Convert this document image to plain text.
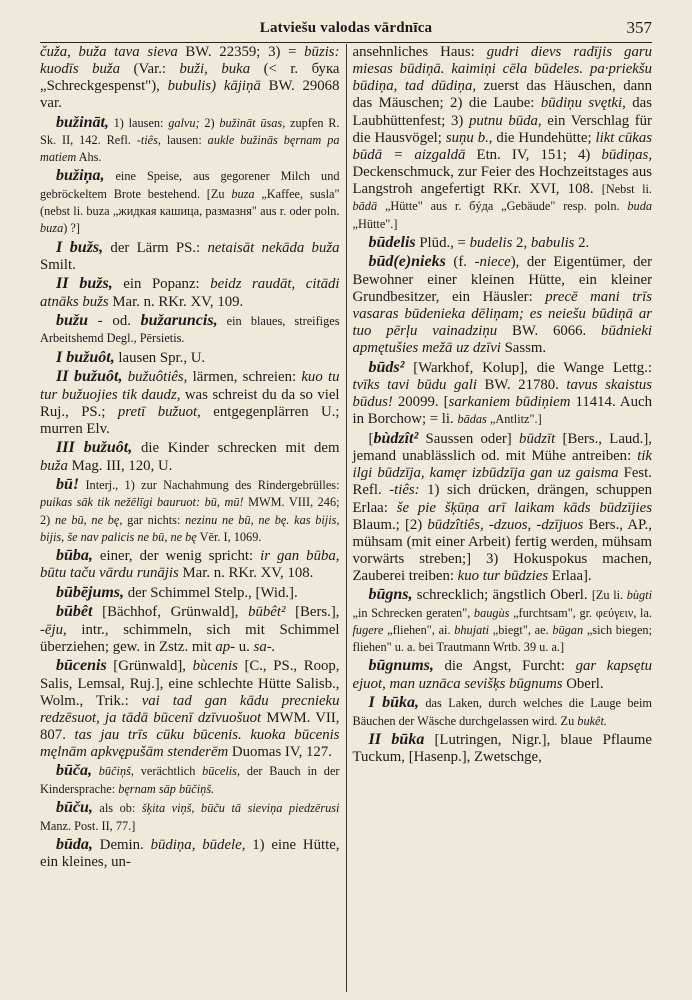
Latviešu valodas vārdnīca	357

čuža, buža tava sieva BW. 22359; 3) = būzis: kuodīs buža (Var.: buži, buka (< r. бука „Schreckgespenst"), bubulis) kājiņā BW. 29068 var.

bužināt, 1) lausen: galvu; 2) bužināt ūsas, zupfen R. Sk. II, 142. Refl. -tiês, lausen: aukle bužinās bęrnam pa matiem Ahs.

bužiņa, eine Speise, aus gegorener Milch und gebröckeltem Brote bestehend. [Zu buza „Kaffee, susla" (nebst li. buza „жидкая кашица, размазня" aus r. oder poln. buza) ?]

I bužs, der Lärm PS.: netaisāt nekāda buža Smilt.

II bužs, ein Popanz: beidz raudāt, citādi atnāks bužs Mar. n. RKr. XV, 109.

bužu - od. bužaruncis, ein blaues, streifiges Arbeitshemd Degl., Pērsietis.

I bužuôt, lausen Spr., U.

II bužuôt, bužuôtiês, lärmen, schreien: kuo tu tur bužuojies tik daudz, was schreist du da so viel Ruj., PS.; pretī bužuot, entgegenplärren U.; murren Elv.

III bužuôt, die Kinder schrecken mit dem buža Mag. III, 120, U.

bū! Interj., 1) zur Nachahmung des Rindergebrülles: puikas sāk tik nežēlīgi bauruot: bū, mū! MWM. VIII, 246; 2) ne bū, ne bę, gar nichts: nezinu ne bū, ne bę. kas bijis, bijis, še nav palicis ne bū, ne bę Vēr. I, 1069.

būba, einer, der wenig spricht: ir gan būba, būtu taču vārdu runājis Mar. n. RKr. XV, 108.

būbējums, der Schimmel Stelp., [Wid.].

būbêt [Bächhof, Grünwald], būbêt² [Bers.], -ēju, intr., schimmeln, sich mit Schimmel überziehen; gew. in Zstz. mit ap- u. sa-.

būcenis [Grünwald], bùcenis [C., PS., Roop, Salis, Lemsal, Ruj.], eine schlechte Hütte Salisb., Wolm., Trik.: vai tad gan kādu precnieku redzēsuot, ja tādā būcenī dzīvuošuot MWM. VII, 807. tas jau trīs cūku būcenis. kuoka būcenis męlnām apkvępušām stenderēm Duomas IV, 127.

būča, būčiņš, verächtlich būcelis, der Bauch in der Kindersprache: bęrnam sāp būčiņš.

būču, als ob: šķita viņš, būču tā sieviņa piedzērusi Manz. Post. II, 77.]

būda, Demin. būdiņa, būdele, 1) eine Hütte, ein kleines, un-

ansehnliches Haus: gudri dievs radījis garu miesas būdiņā. kaimiņi cēla būdeles. pa·priekšu būdiņa, tad dūdiņa, zuerst das Häuschen, dann das Mäuschen; 2) die Laube: būdiņu svętki, das Laubhüttenfest; 3) putnu būda, ein Verschlag für die Hausvögel; suņu b., die Hundehütte; likt cūkas būdā = aizgaldā Etn. IV, 151; 4) būdiņas, Deckenschmuck, zur Feier des Hochzeitstages aus Langstroh angefertigt RKr. XVI, 108. [Nebst li. bādā „Hütte" aus r. бýда „Gebäude" resp. poln. buda „Hütte".]

būdelis Plūd., = budelis 2, babulis 2.

būd(e)nieks (f. -niece), der Eigentümer, der Bewohner einer kleinen Hütte, ein kleiner Grundbesitzer, ein Häusler: precē mani trīs vasaras būdenieka dēliņam; es neiešu būdiņā ar tuo pērļu vainadziņu BW. 6066. būdnieki apmętušies mežā uz dzīvi Sassm.

būds² [Warkhof, Kolup], die Wange Lettg.: tvīks tavi būdu gali BW. 21780. tavus skaistus būdus! 20099. [sarkaniem būdiņiem 11414. Auch in Borchow; = li. bādas „Antlitz".]

[bùdzît² Saussen oder] būdzīt [Bers., Laud.], jemand unablässlich od. mit Mühe antreiben: tik ilgi būdzīja, kamęr izbūdzīja gan uz gaisma Fest. Refl. -tiês: 1) sich drücken, drängen, schuppen Erlaa: še pie šķūņa arī laikam kāds būdzījies Blaum.; [2) būdzîtiês, -dzuos, -dzījuos Bers., AP., mühsam (mit einer Arbeit) fertig werden, mühsam vorwärts streben;] 3) Hokuspokus machen, Zauberei treiben: kuo tur būdzies Erlaa].

būgns, schrecklich; ängstlich Oberl. [Zu li. bùgti „in Schrecken geraten", baugùs „furchtsam", gr. φεύγειν, la. fugere „fliehen", ai. bhujati „biegt", ae. būgan „sich biegen; fliehen" u. a. bei Trautmann Wrtb. 39 u. a.]

būgnums, die Angst, Furcht: gar kapsętu ejuot, man uznāca sevišķs būgnums Oberl.

I būka, das Laken, durch welches die Lauge beim Bäuchen der Wäsche durchgelassen wird. Zu bukêt.

II būka [Lutringen, Nigr.], blaue Pflaume Tuckum, [Hasenp.], Zwetschge,
